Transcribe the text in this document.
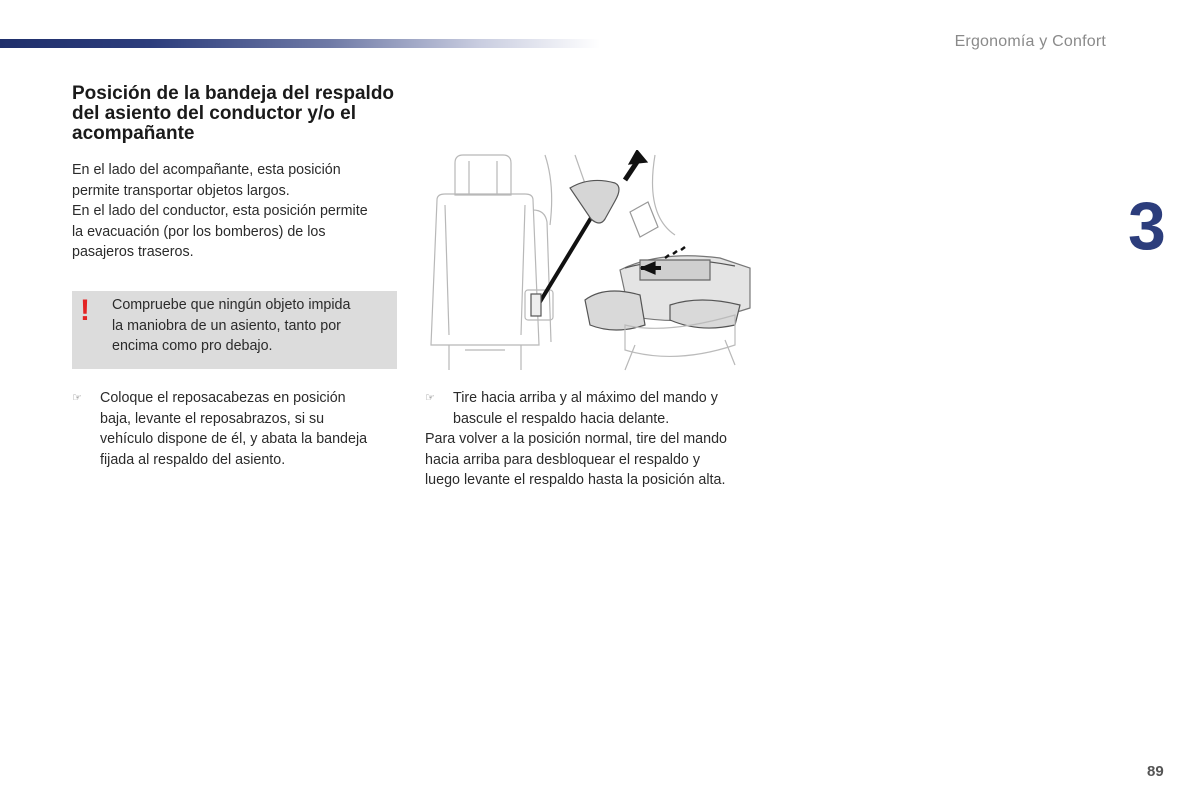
Ergonomía y Confort
3
Posición de la bandeja del respaldo del asiento del conductor y/o el acompañante

En el lado del acompañante, esta posición
permite transportar objetos largos.
En el lado del conductor, esta posición permite
la evacuación (por los bomberos) de los
pasajeros traseros.

! Compruebe que ningún objeto impida
la maniobra de un asiento, tanto por
encima como pro debajo.

☞	Coloque el reposacabezas en posición
baja, levante el reposabrazos, si su
vehículo dispone de él, y abata la bandeja
fijada al respaldo del asiento.

☞	Tire hacia arriba y al máximo del mando y
bascule el respaldo hacia delante.

Para volver a la posición normal, tire del mando
hacia arriba para desbloquear el respaldo y
luego levante el respaldo hasta la posición alta.

89
